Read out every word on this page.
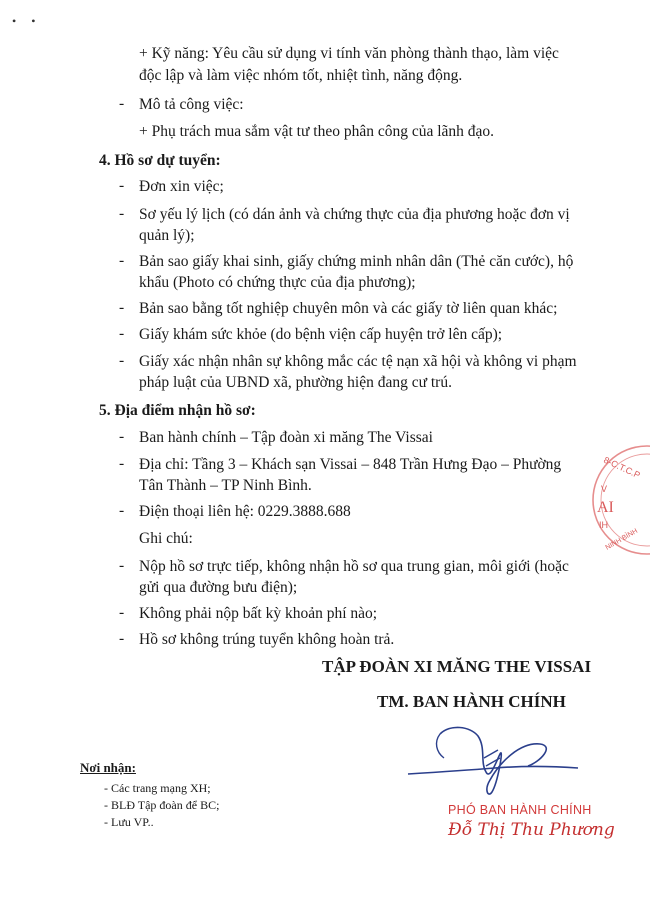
• •
+ Kỹ năng: Yêu cầu sử dụng vi tính văn phòng thành thạo, làm việc
độc lập và làm việc nhóm tốt, nhiệt tình, năng động.
- Mô tả công việc:
+ Phụ trách mua sắm vật tư theo phân công của lãnh đạo.
4. Hồ sơ dự tuyển:
- Đơn xin việc;
- Sơ yếu lý lịch (có dán ảnh và chứng thực của địa phương hoặc đơn vị
quản lý);
- Bản sao giấy khai sinh, giấy chứng minh nhân dân (Thẻ căn cước), hộ
khẩu (Photo có chứng thực của địa phương);
- Bản sao bằng tốt nghiệp chuyên môn và các giấy tờ liên quan khác;
- Giấy khám sức khỏe (do bệnh viện cấp huyện trở lên cấp);
- Giấy xác nhận nhân sự không mắc các tệ nạn xã hội và không vi phạm
pháp luật của UBND xã, phường hiện đang cư trú.
5. Địa điểm nhận hồ sơ:
- Ban hành chính – Tập đoàn xi măng The Vissai
- Địa chỉ: Tầng 3 – Khách sạn Vissai – 848 Trần Hưng Đạo – Phường
Tân Thành – TP Ninh Bình.
- Điện thoại liên hệ: 0229.3888.688
Ghi chú:
- Nộp hồ sơ trực tiếp, không nhận hồ sơ qua trung gian, môi giới (hoặc
gửi qua đường bưu điện);
- Không phải nộp bất kỳ khoản phí nào;
- Hồ sơ không trúng tuyển không hoàn trả.
TẬP ĐOÀN XI MĂNG THE VISSAI
TM. BAN HÀNH CHÍNH
8-C.T.C.P
V
AI
IH
NINH BÌNH
Nơi nhận:
- Các trang mạng XH;
- BLĐ Tập đoàn để BC;
- Lưu VP..
PHÓ BAN HÀNH CHÍNH
Đỗ Thị Thu Phương
